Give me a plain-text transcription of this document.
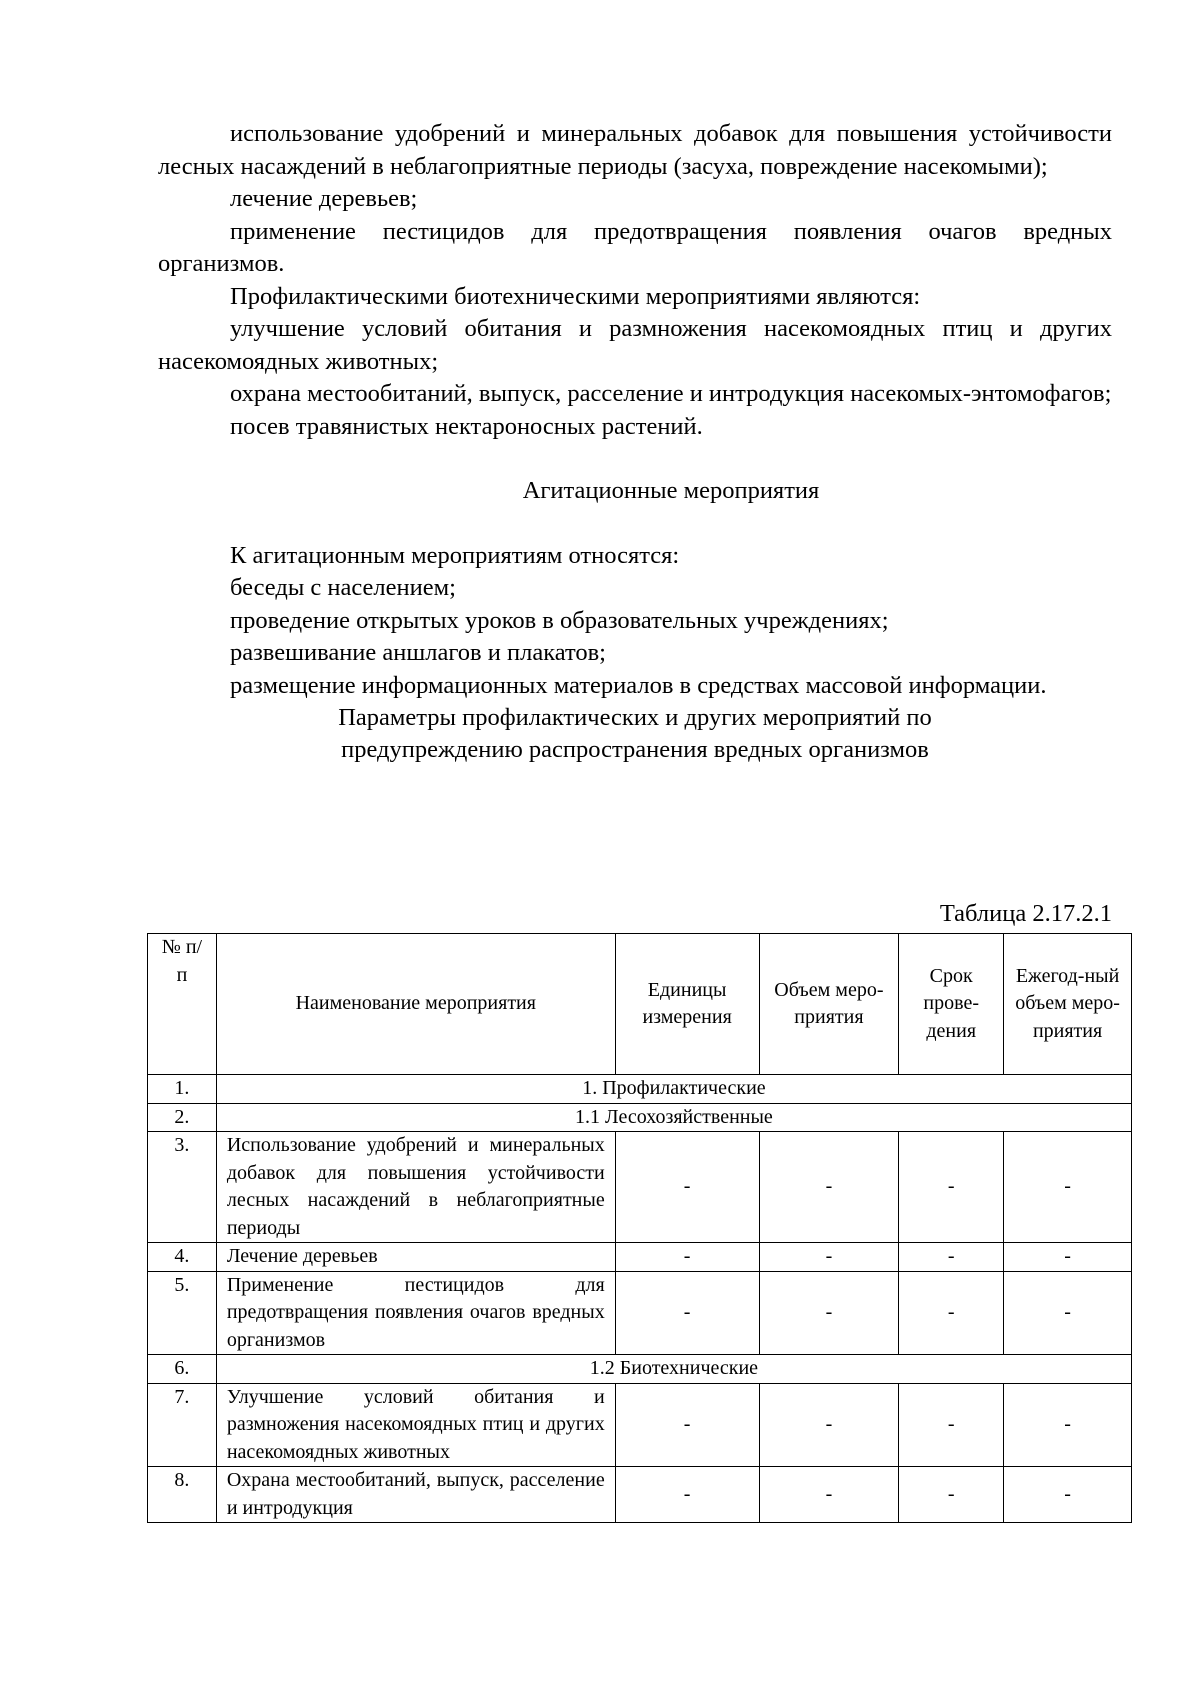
использование удобрений и минеральных добавок для повышения устойчивости лесных насаждений в неблагоприятные периоды (засуха, повреждение насекомыми);

лечение деревьев;

применение пестицидов для предотвращения появления очагов вредных организмов.

Профилактическими биотехническими мероприятиями являются:

улучшение условий обитания и размножения насекомоядных птиц и других насекомоядных животных;

охрана местообитаний, выпуск, расселение и интродукция насекомых-энтомофагов;

посев травянистых нектароносных растений.

Агитационные мероприятия

К агитационным мероприятиям относятся:

беседы с населением;

проведение открытых уроков в образовательных учреждениях;

развешивание аншлагов и плакатов;

размещение информационных материалов в средствах массовой информации.

Параметры профилактических и других мероприятий по

предупреждению распространения вредных организмов

Таблица 2.17.2.1

№ п/п	Наименование мероприятия	Единицы измерения	Объем меро-приятия	Срок прове-дения	Ежегод-ный объем меро-приятия
1.	1. Профилактические				
2.	1.1 Лесохозяйственные				
3.	Использование удобрений и минеральных добавок для повышения устойчивости лесных насаждений в неблагоприятные периоды	-	-	-	-
4.	Лечение деревьев	-	-	-	-
5.	Применение пестицидов для предотвращения появления очагов вредных организмов	-	-	-	-
6.	1.2 Биотехнические				
7.	Улучшение условий обитания и размножения насекомоядных птиц и других насекомоядных животных	-	-	-	-
8.	Охрана местообитаний, выпуск, расселение и интродукция	-	-	-	-
